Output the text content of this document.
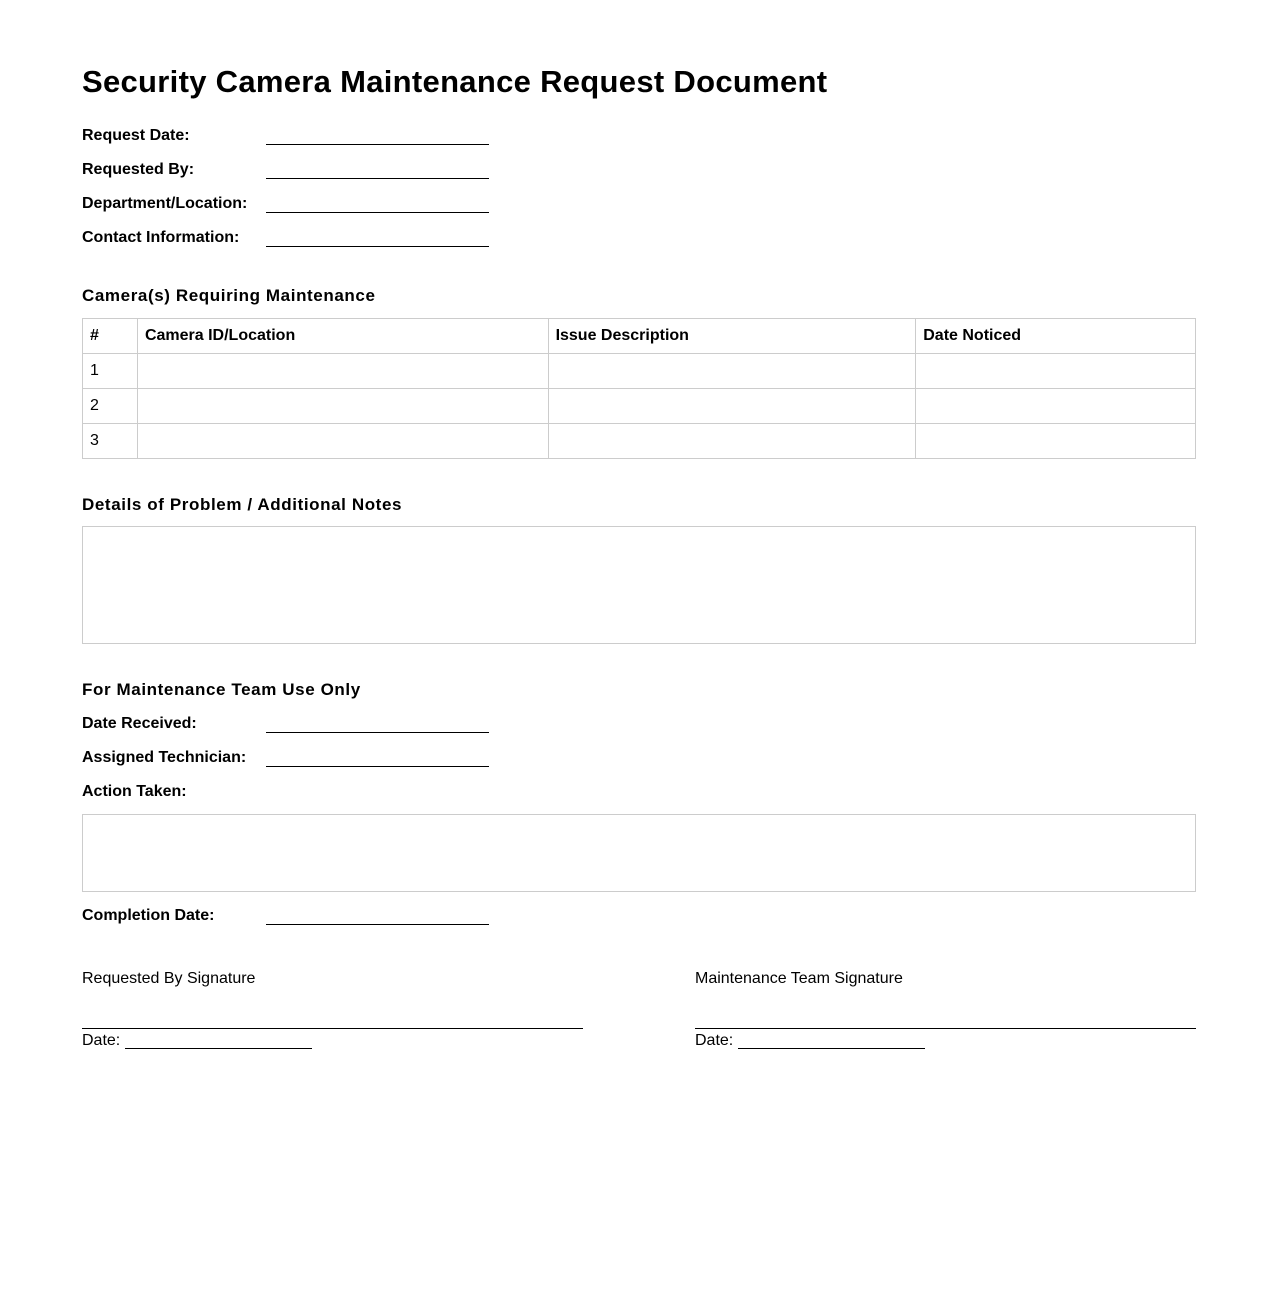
Security Camera Maintenance Request Document
Request Date:
Requested By:
Department/Location:
Contact Information:
Camera(s) Requiring Maintenance
#	Camera ID/Location	Issue Description	Date Noticed
1			
2			
3			
Details of Problem / Additional Notes
For Maintenance Team Use Only
Date Received:
Assigned Technician:
Action Taken:
Completion Date:
Requested By Signature
Date:
Maintenance Team Signature
Date:
